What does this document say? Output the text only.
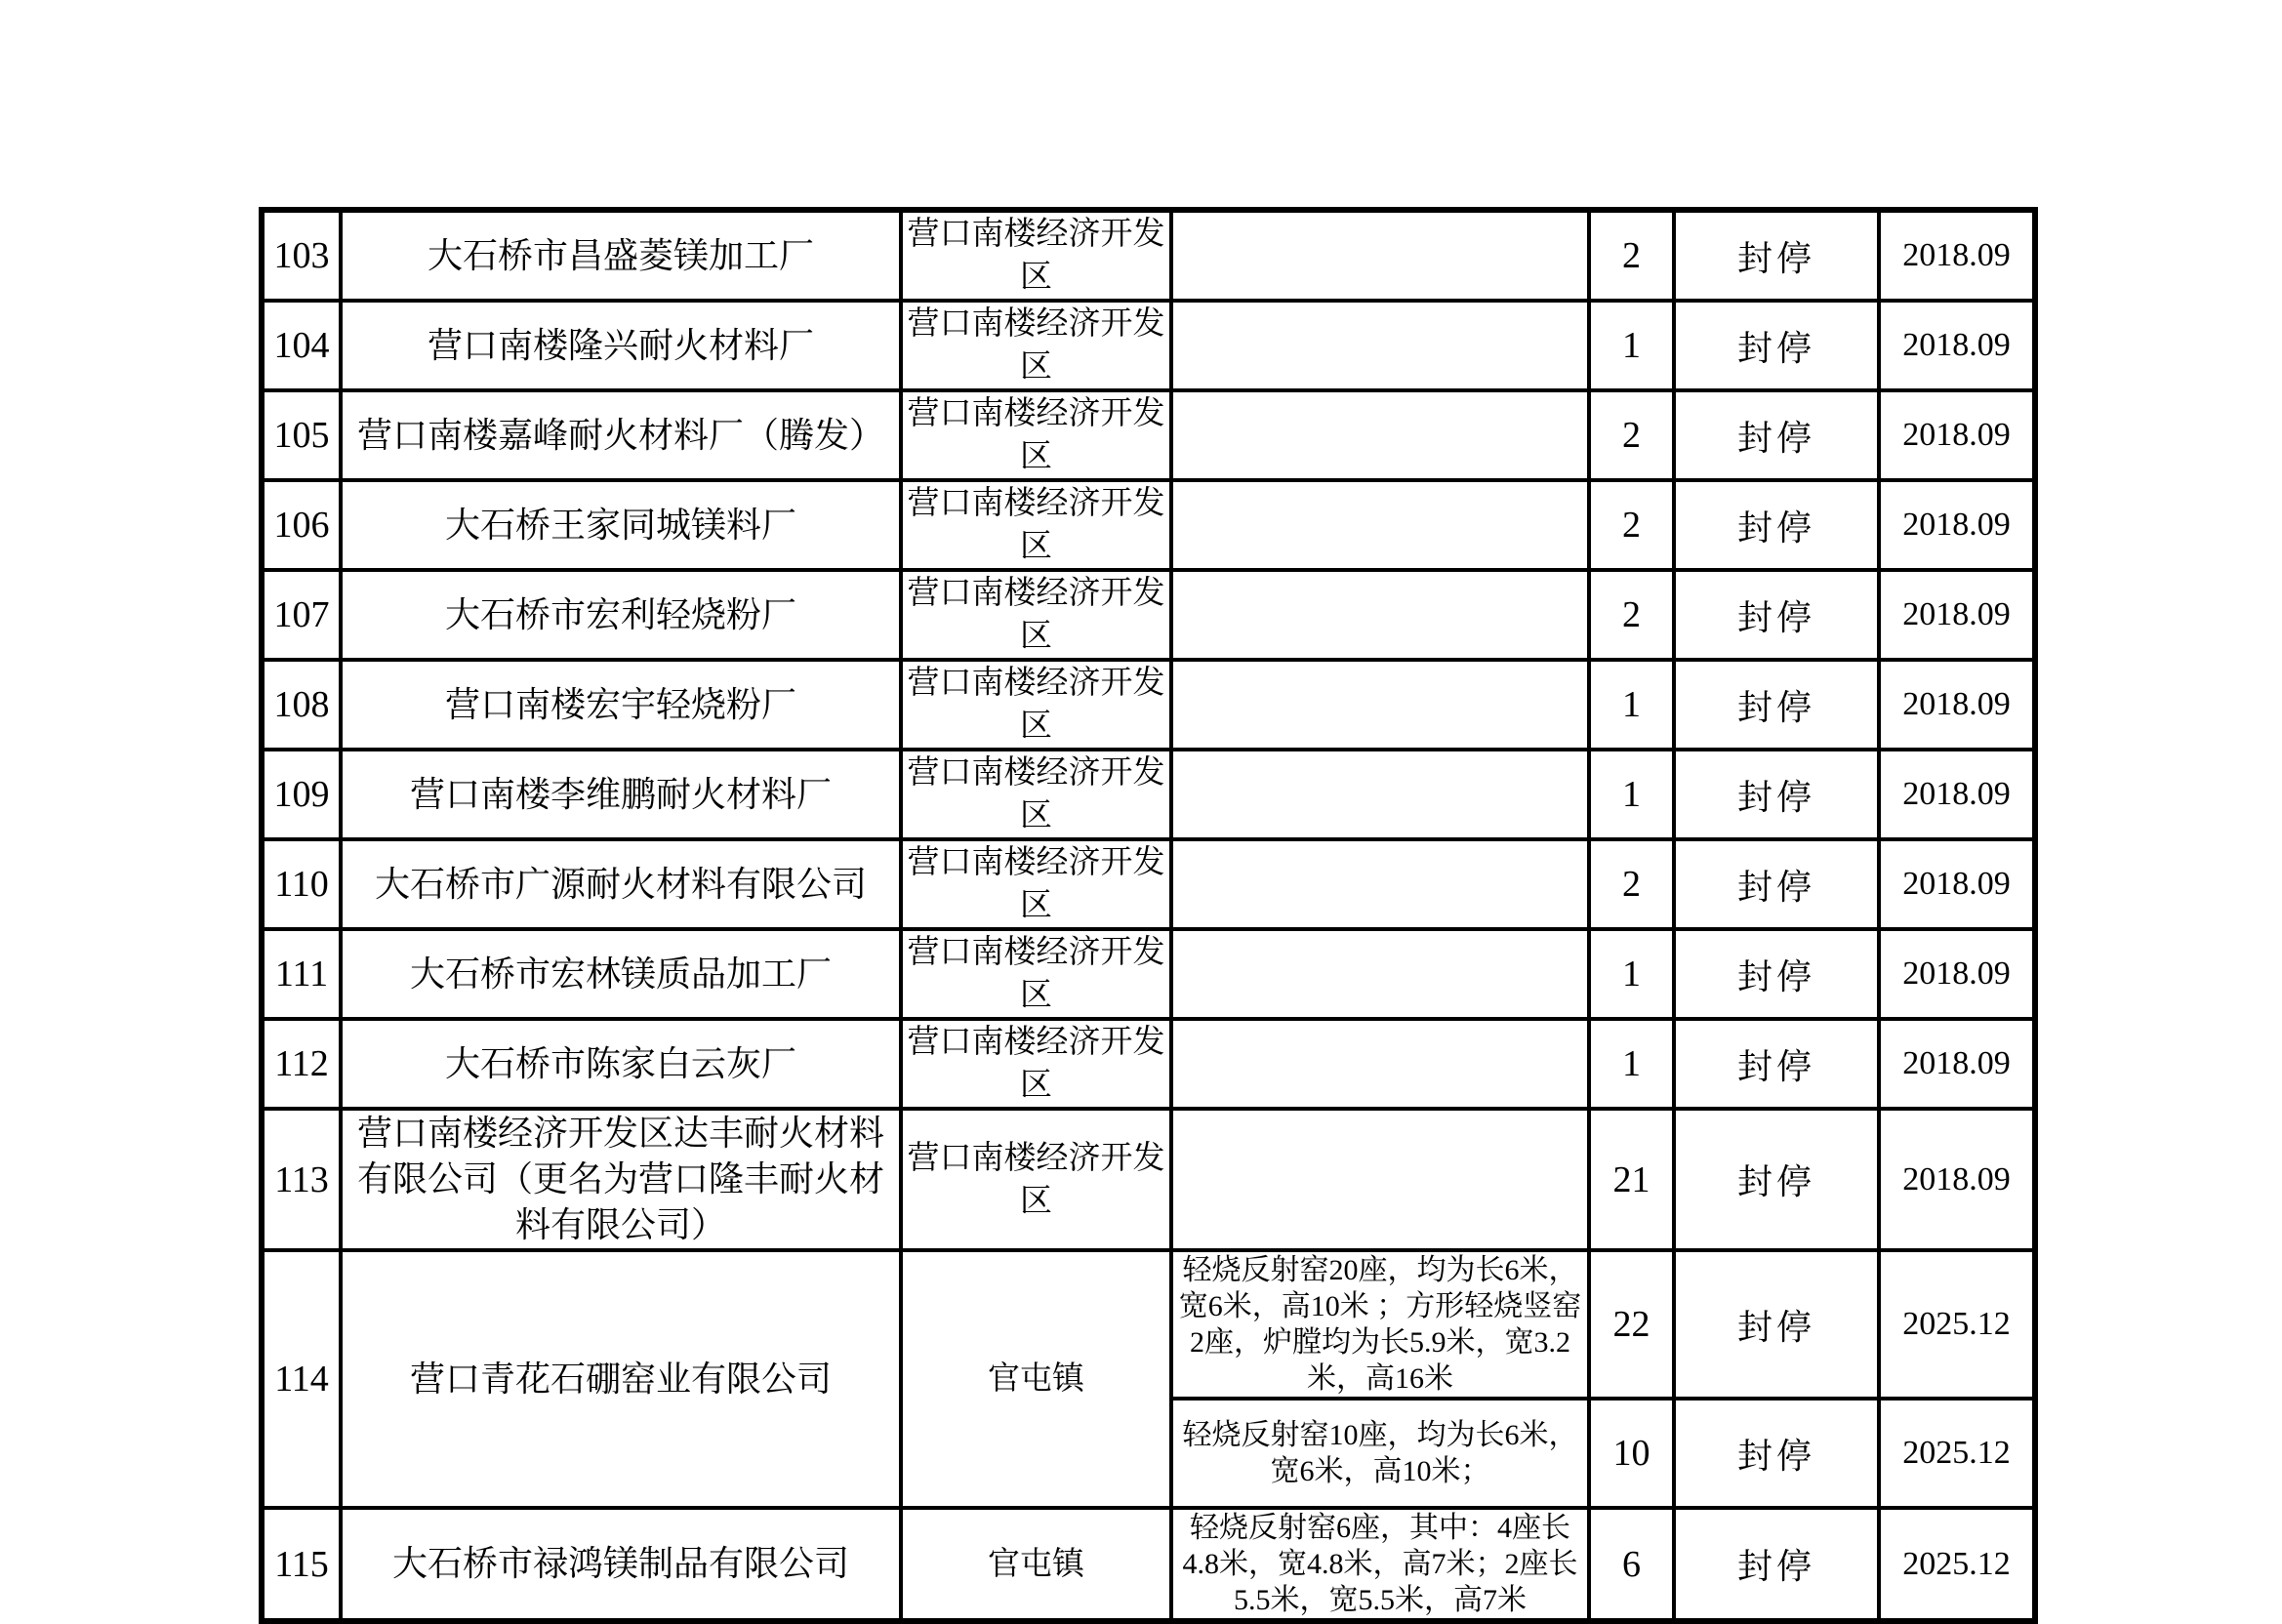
103	大石桥市昌盛菱镁加工厂	营口南楼经济开发区		2	封停	2018.09
104	营口南楼隆兴耐火材料厂	营口南楼经济开发区		1	封停	2018.09
105	营口南楼嘉峰耐火材料厂（腾发）	营口南楼经济开发区		2	封停	2018.09
106	大石桥王家同城镁料厂	营口南楼经济开发区		2	封停	2018.09
107	大石桥市宏利轻烧粉厂	营口南楼经济开发区		2	封停	2018.09
108	营口南楼宏宇轻烧粉厂	营口南楼经济开发区		1	封停	2018.09
109	营口南楼李维鹏耐火材料厂	营口南楼经济开发区		1	封停	2018.09
110	大石桥市广源耐火材料有限公司	营口南楼经济开发区		2	封停	2018.09
111	大石桥市宏林镁质品加工厂	营口南楼经济开发区		1	封停	2018.09
112	大石桥市陈家白云灰厂	营口南楼经济开发区		1	封停	2018.09
113	营口南楼经济开发区达丰耐火材料有限公司（更名为营口隆丰耐火材料有限公司）	营口南楼经济开发区		21	封停	2018.09
114	营口青花石硼窑业有限公司	官屯镇	轻烧反射窑20座，均为长6米，宽6米，高10米 ；方形轻烧竖窑2座，炉膛均为长5.9米，宽3.2米，高16米	22	封停	2025.12
			轻烧反射窑10座，均为长6米，宽6米，高10米；	10	封停	2025.12
115	大石桥市禄鸿镁制品有限公司	官屯镇	轻烧反射窑6座，其中：4座长4.8米，宽4.8米，高7米；2座长5.5米，宽5.5米，高7米	6	封停	2025.12
